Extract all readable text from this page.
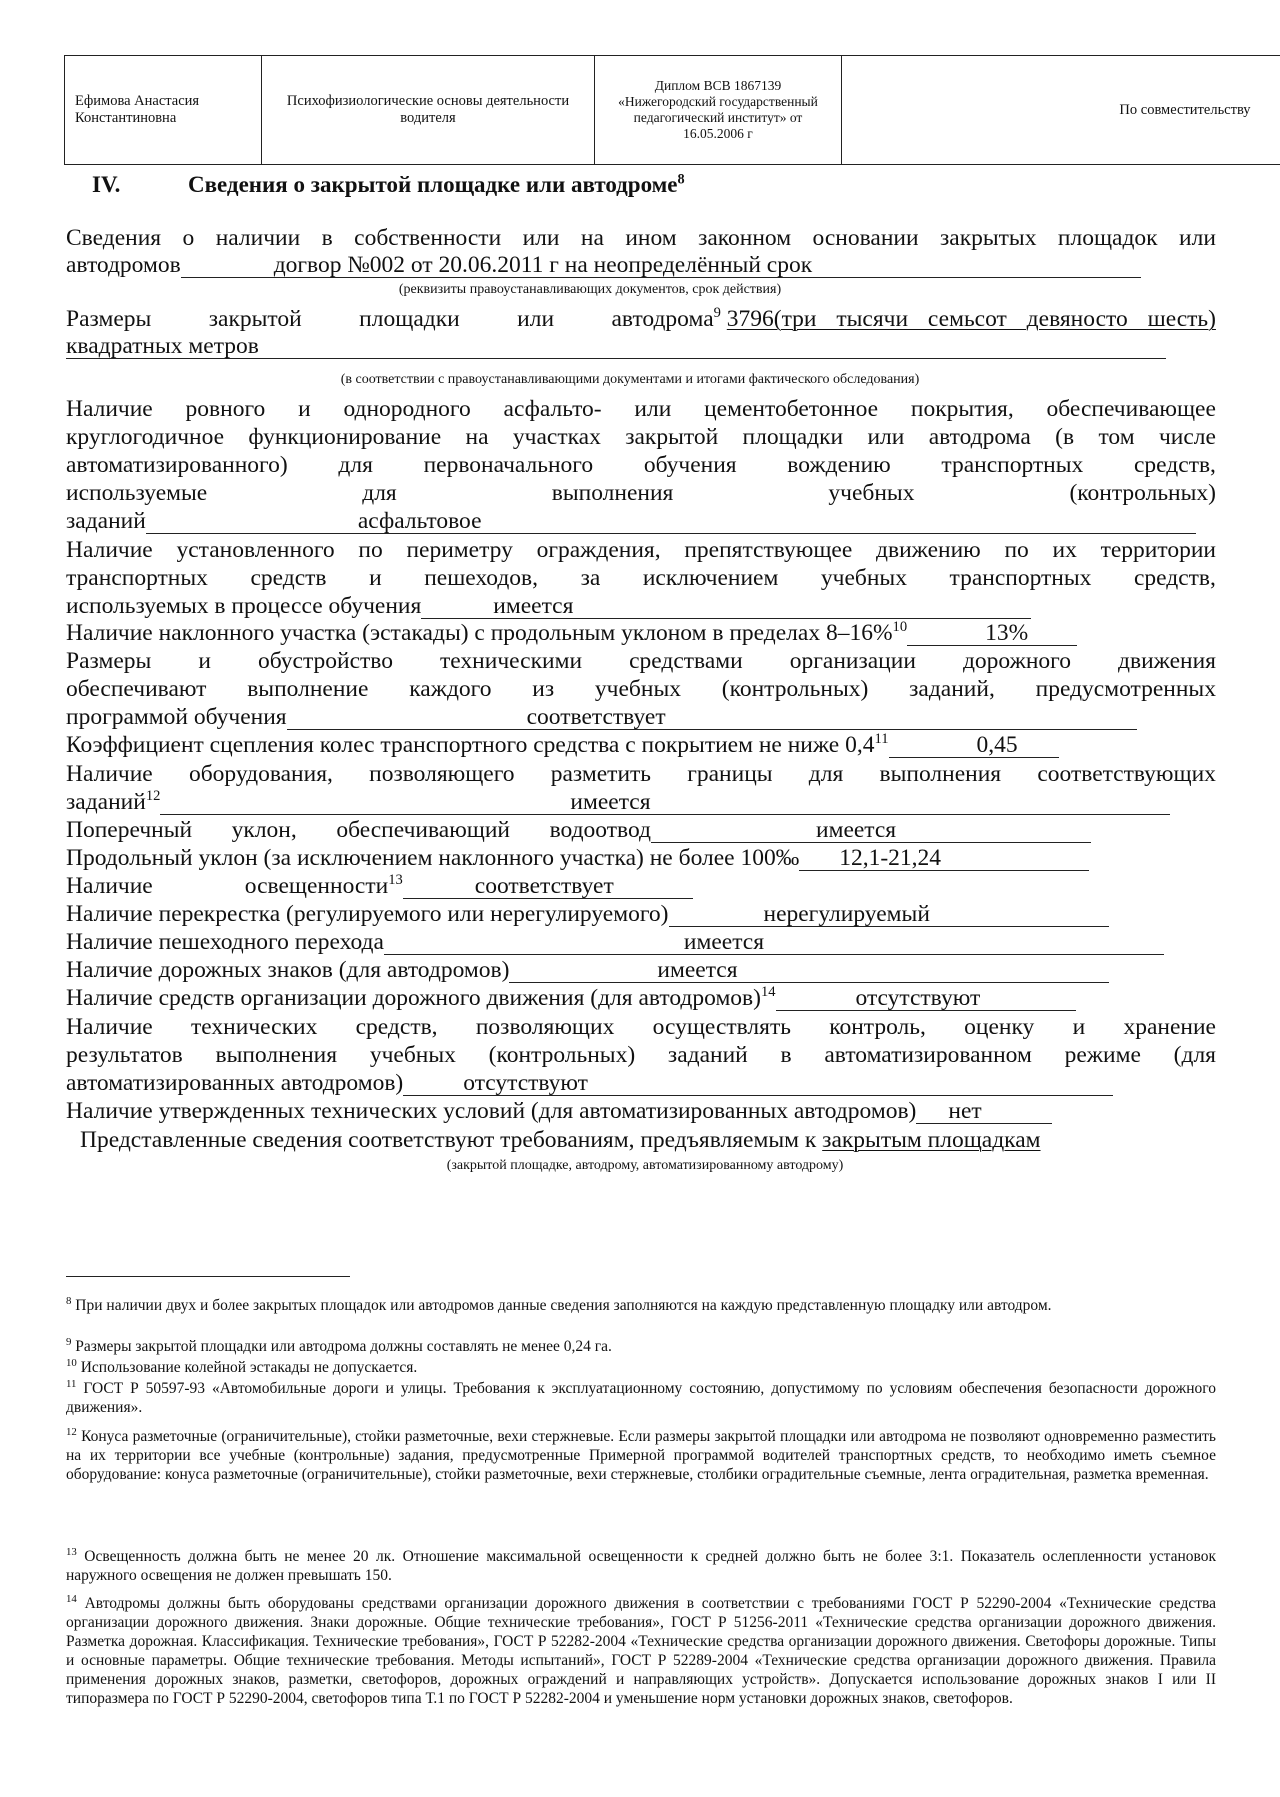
Ефимова Анастасия Константиновна	Психофизиологические основы деятельности водителя	Диплом ВСВ 1867139 «Нижегородский государственный педагогический институт» от 16.05.2006 г	По совместительству
IV.	Сведения о закрытой площадке или автодроме$^8$
Сведения о наличии в собственности или на ином законном основании закрытых площадок или
автодромов	догвор №002 от 20.06.2011 г на неопределённый срок
(реквизиты правоустанавливающих документов, срок действия)
Размеры закрытой площадки или автодрома$^9$ 3796(три тысячи семьсот девяносто шесть)
квадратных метров
(в соответствии с правоустанавливающими документами и итогами фактического обследования)
Наличие ровного и однородного асфальто- или цементобетонное покрытия, обеспечивающее
круглогодичное функционирование на участках закрытой площадки или автодрома (в том числе
автоматизированного) для первоначального обучения вождению транспортных средств,
используемые	для	выполнения	учебных	(контрольных)
заданий	асфальтовое
Наличие установленного по периметру ограждения, препятствующее движению по их территории
транспортных средств и пешеходов, за исключением учебных транспортных средств,
используемых в процессе обучения	имеется
Наличие наклонного участка (эстакады) с продольным уклоном в пределах 8–16%$^{10}$	13%
Размеры и обустройство техническими средствами организации дорожного движения
обеспечивают выполнение каждого из учебных (контрольных) заданий, предусмотренных
программой обучения	соответствует
Коэффициент сцепления колес транспортного средства с покрытием не ниже $0,4^{11}$	0,45
Наличие оборудования, позволяющего разметить границы для выполнения соответствующих
заданий$^{12}$	имеется
Поперечный уклон, обеспечивающий водоотвод	имеется
Продольный уклон (за исключением наклонного участка) не более 100‰ 12,1-21,24
Наличие	освещенности$^{13}$	соответствует
Наличие перекрестка (регулируемого или нерегулируемого)	нерегулируемый
Наличие пешеходного перехода	имеется
Наличие дорожных знаков (для автодромов)	имеется
Наличие средств организации дорожного движения (для автодромов)$^{14}$	отсутствуют
Наличие технических средств, позволяющих осуществлять контроль, оценку и хранение
результатов выполнения учебных (контрольных) заданий в автоматизированном режиме (для
автоматизированных автодромов)	отсутствуют
Наличие утвержденных технических условий (для автоматизированных автодромов) нет
Представленные сведения соответствуют требованиям, предъявляемым к закрытым площадкам
(закрытой площадке, автодрому, автоматизированному автодрому)
$^8$ При наличии двух и более закрытых площадок или автодромов данные сведения заполняются на каждую представленную площадку или автодром.
$^9$ Размеры закрытой площадки или автодрома должны составлять не менее 0,24 га.
$^{10}$ Использование колейной эстакады не допускается.
$^{11}$ ГОСТ Р 50597-93 «Автомобильные дороги и улицы. Требования к эксплуатационному состоянию, допустимому по условиям обеспечения безопасности дорожного движения».
$^{12}$ Конуса разметочные (ограничительные), стойки разметочные, вехи стержневые. Если размеры закрытой площадки или автодрома не позволяют одновременно разместить на их территории все учебные (контрольные) задания, предусмотренные Примерной программой водителей транспортных средств, то необходимо иметь съемное оборудование: конуса разметочные (ограничительные), стойки разметочные, вехи стержневые, столбики оградительные съемные, лента оградительная, разметка временная.
$^{13}$ Освещенность должна быть не менее 20 лк. Отношение максимальной освещенности к средней должно быть не более 3:1. Показатель ослепленности установок наружного освещения не должен превышать 150.
$^{14}$ Автодромы должны быть оборудованы средствами организации дорожного движения в соответствии с требованиями ГОСТ Р 52290-2004 «Технические средства организации дорожного движения. Знаки дорожные. Общие технические требования», ГОСТ Р 51256-2011 «Технические средства организации дорожного движения. Разметка дорожная. Классификация. Технические требования», ГОСТ Р 52282-2004 «Технические средства организации дорожного движения. Светофоры дорожные. Типы и основные параметры. Общие технические требования. Методы испытаний», ГОСТ Р 52289-2004 «Технические средства организации дорожного движения. Правила применения дорожных знаков, разметки, светофоров, дорожных ограждений и направляющих устройств». Допускается использование дорожных знаков I или II типоразмера по ГОСТ Р 52290-2004, светофоров типа Т.1 по ГОСТ Р 52282-2004 и уменьшение норм установки дорожных знаков, светофоров.
